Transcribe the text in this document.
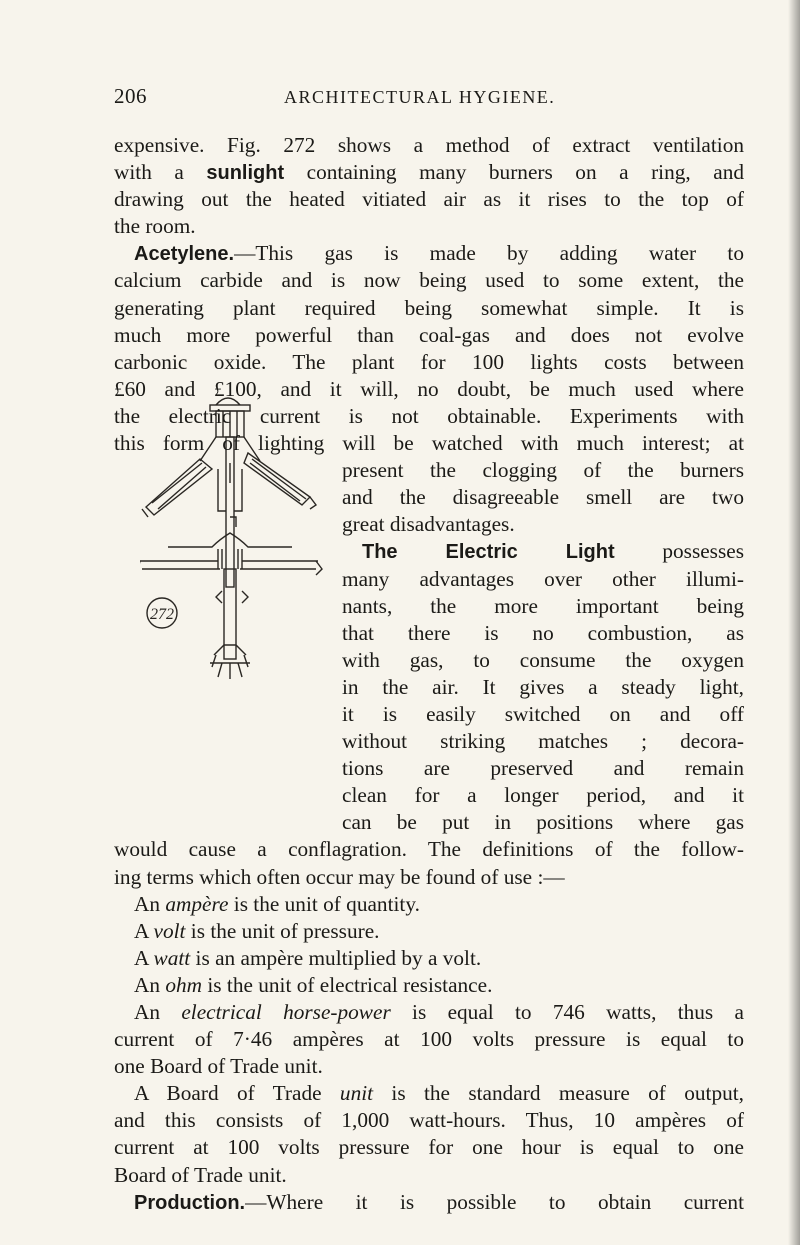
206	ARCHITECTURAL HYGIENE.
272
expensive. Fig. 272 shows a method of extract ventilation
with a sunlight containing many burners on a ring, and
drawing out the heated vitiated air as it rises to the top of
the room.
Acetylene.—This gas is made by adding water to
calcium carbide and is now being used to some extent, the
generating plant required being somewhat simple. It is
much more powerful than coal-gas and does not evolve
carbonic oxide. The plant for 100 lights costs between
£60 and £100, and it will, no doubt, be much used where
the electric current is not obtainable. Experiments with
this form of lighting will be watched with much interest; at
present the clogging of the burners
and the disagreeable smell are two
great disadvantages.
The Electric Light possesses
many advantages over other illumi-
nants, the more important being
that there is no combustion, as
with gas, to consume the oxygen
in the air. It gives a steady light,
it is easily switched on and off
without striking matches ; decora-
tions are preserved and remain
clean for a longer period, and it
can be put in positions where gas
would cause a conflagration. The definitions of the follow-
ing terms which often occur may be found of use :—
An ampère is the unit of quantity.
A volt is the unit of pressure.
A watt is an ampère multiplied by a volt.
An ohm is the unit of electrical resistance.
An electrical horse-power is equal to 746 watts, thus a
current of 7·46 ampères at 100 volts pressure is equal to
one Board of Trade unit.
A Board of Trade unit is the standard measure of output,
and this consists of 1,000 watt-hours. Thus, 10 ampères of
current at 100 volts pressure for one hour is equal to one
Board of Trade unit.
Production.—Where it is possible to obtain current
